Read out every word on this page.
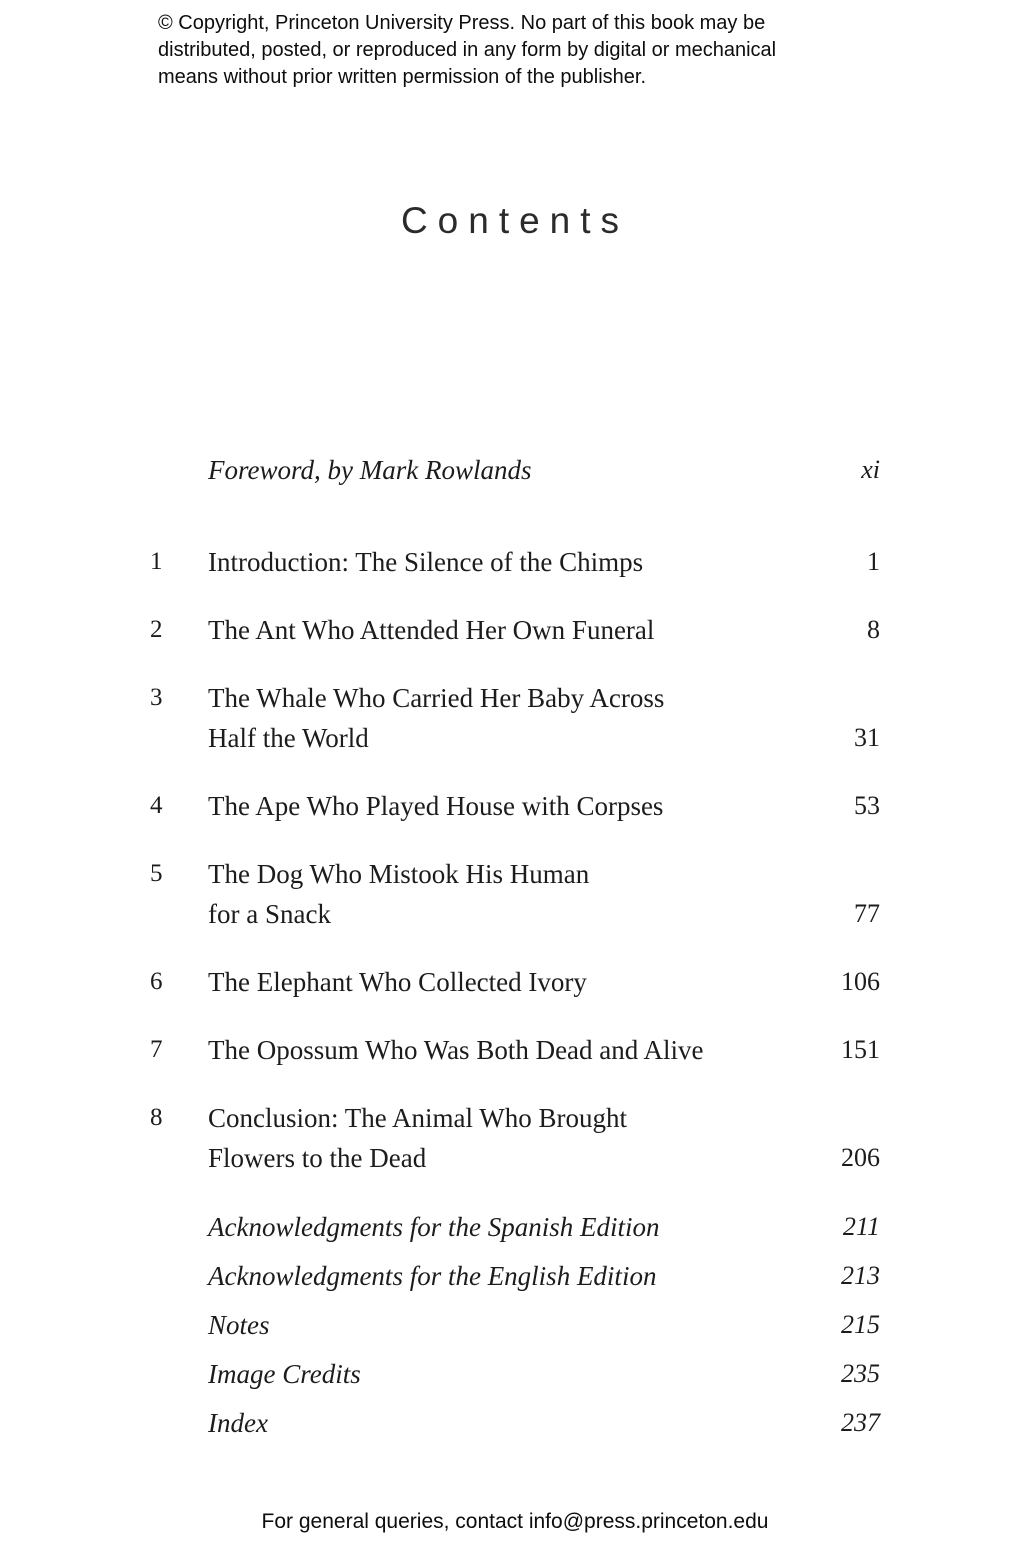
© Copyright, Princeton University Press. No part of this book may be
distributed, posted, or reproduced in any form by digital or mechanical
means without prior written permission of the publisher.
Contents
Foreword, by Mark Rowlands	xi
1	Introduction: The Silence of the Chimps	1
2	The Ant Who Attended Her Own Funeral	8
3	The Whale Who Carried Her Baby Across
Half the World	31
4	The Ape Who Played House with Corpses	53
5	The Dog Who Mistook His Human
for a Snack	77
6	The Elephant Who Collected Ivory	106
7	The Opossum Who Was Both Dead and Alive	151
8	Conclusion: The Animal Who Brought
Flowers to the Dead	206
Acknowledgments for the Spanish Edition	211
Acknowledgments for the English Edition	213
Notes	215
Image Credits	235
Index	237
For general queries, contact info@press.princeton.edu
